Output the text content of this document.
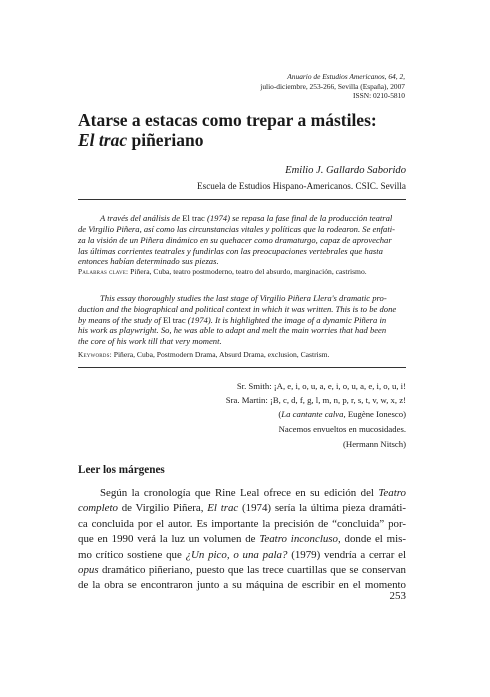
Anuario de Estudios Americanos, 64, 2,
julio-diciembre, 253-266, Sevilla (España), 2007
ISSN: 0210-5810
Atarse a estacas como trepar a mástiles:
El trac piñeriano
Emilio J. Gallardo Saborido
Escuela de Estudios Hispano-Americanos. CSIC. Sevilla
A través del análisis de El trac (1974) se repasa la fase final de la producción teatral
de Virgilio Piñera, así como las circunstancias vitales y políticas que la rodearon. Se enfati-
za la visión de un Piñera dinámico en su quehacer como dramaturgo, capaz de aprovechar
las últimas corrientes teatrales y fundirlas con las preocupaciones vertebrales que hasta
entonces habían determinado sus piezas.
Palabras clave: Piñera, Cuba, teatro postmoderno, teatro del absurdo, marginación, castrismo.
This essay thoroughly studies the last stage of Virgilio Piñera Llera's dramatic pro-
duction and the biographical and political context in which it was written. This is to be done
by means of the study of El trac (1974). It is highlighted the image of a dynamic Piñera in
his work as playwright. So, he was able to adapt and melt the main worries that had been
the core of his work till that very moment.
Keywords: Piñera, Cuba, Postmodern Drama, Absurd Drama, exclusion, Castrism.
Sr. Smith: ¡A, e, i, o, u, a, e, i, o, u, a, e, i, o, u, i!
Sra. Martin: ¡B, c, d, f, g, l, m, n, p, r, s, t, v, w, x, z!
(La cantante calva, Eugène Ionesco)
Nacemos envueltos en mucosidades.
(Hermann Nitsch)
Leer los márgenes
Según la cronología que Rine Leal ofrece en su edición del Teatro
completo de Virgilio Piñera, El trac (1974) sería la última pieza dramáti-
ca concluida por el autor. Es importante la precisión de “concluida” por-
que en 1990 verá la luz un volumen de Teatro inconcluso, donde el mis-
mo crítico sostiene que ¿Un pico, o una pala? (1979) vendría a cerrar el
opus dramático piñeriano, puesto que las trece cuartillas que se conservan
de la obra se encontraron junto a su máquina de escribir en el momento
253
